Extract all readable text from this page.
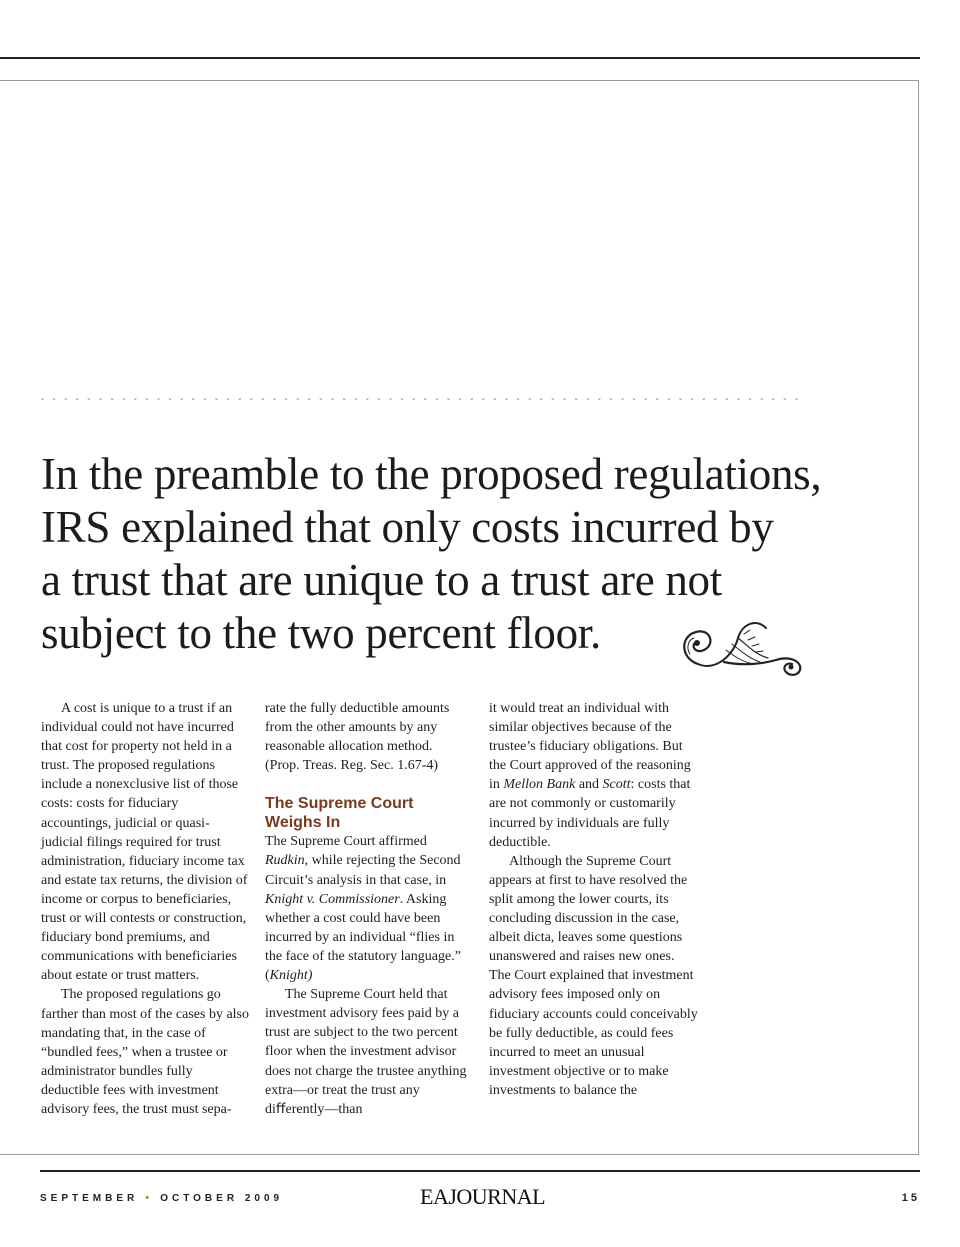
ˇˇˇˇˇˇˇˇˇˇˇˇˇˇˇˇˇˇˇˇˇˇˇˇˇˇˇˇˇˇˇˇˇˇˇˇˇˇˇˇˇˇˇˇˇˇˇˇˇˇˇˇˇˇˇˇˇˇˇˇˇˇˇˇˇˇ
In the preamble to the proposed regulations,
IRS explained that only costs incurred by
a trust that are unique to a trust are not
subject to the two percent floor.

A cost is unique to a trust if an individual could not have incurred that cost for property not held in a trust. The proposed regulations include a nonexclusive list of those costs: costs for fiduciary accountings, judicial or quasi-judicial filings required for trust administration, fiduciary income tax and estate tax returns, the division of income or corpus to beneficiaries, trust or will contests or construction, fiduciary bond premiums, and communications with beneficiaries about estate or trust matters.

The proposed regulations go farther than most of the cases by also mandating that, in the case of “bundled fees,” when a trustee or administrator bundles fully deductible fees with investment advisory fees, the trust must sepa-

rate the fully deductible amounts from the other amounts by any reasonable allocation method. (Prop. Treas. Reg. Sec. 1.67-4)

The Supreme Court Weighs In

The Supreme Court affirmed Rudkin, while rejecting the Second Circuit’s analysis in that case, in Knight v. Commissioner. Asking whether a cost could have been incurred by an individual “flies in the face of the statutory language.” (Knight)

The Supreme Court held that investment advisory fees paid by a trust are subject to the two percent floor when the investment advisor does not charge the trustee anything extra—or treat the trust any diﬀerently—than

it would treat an individual with similar objectives because of the trustee’s fiduciary obligations. But the Court approved of the reasoning in Mellon Bank and Scott: costs that are not commonly or customarily incurred by individuals are fully deductible.

Although the Supreme Court appears at first to have resolved the split among the lower courts, its concluding discussion in the case, albeit dicta, leaves some questions unanswered and raises new ones. The Court explained that investment advisory fees imposed only on fiduciary accounts could conceivably be fully deductible, as could fees incurred to meet an unusual investment objective or to make investments to balance the

SEPTEMBER • OCTOBER 2009	EAJOURNAL	15
